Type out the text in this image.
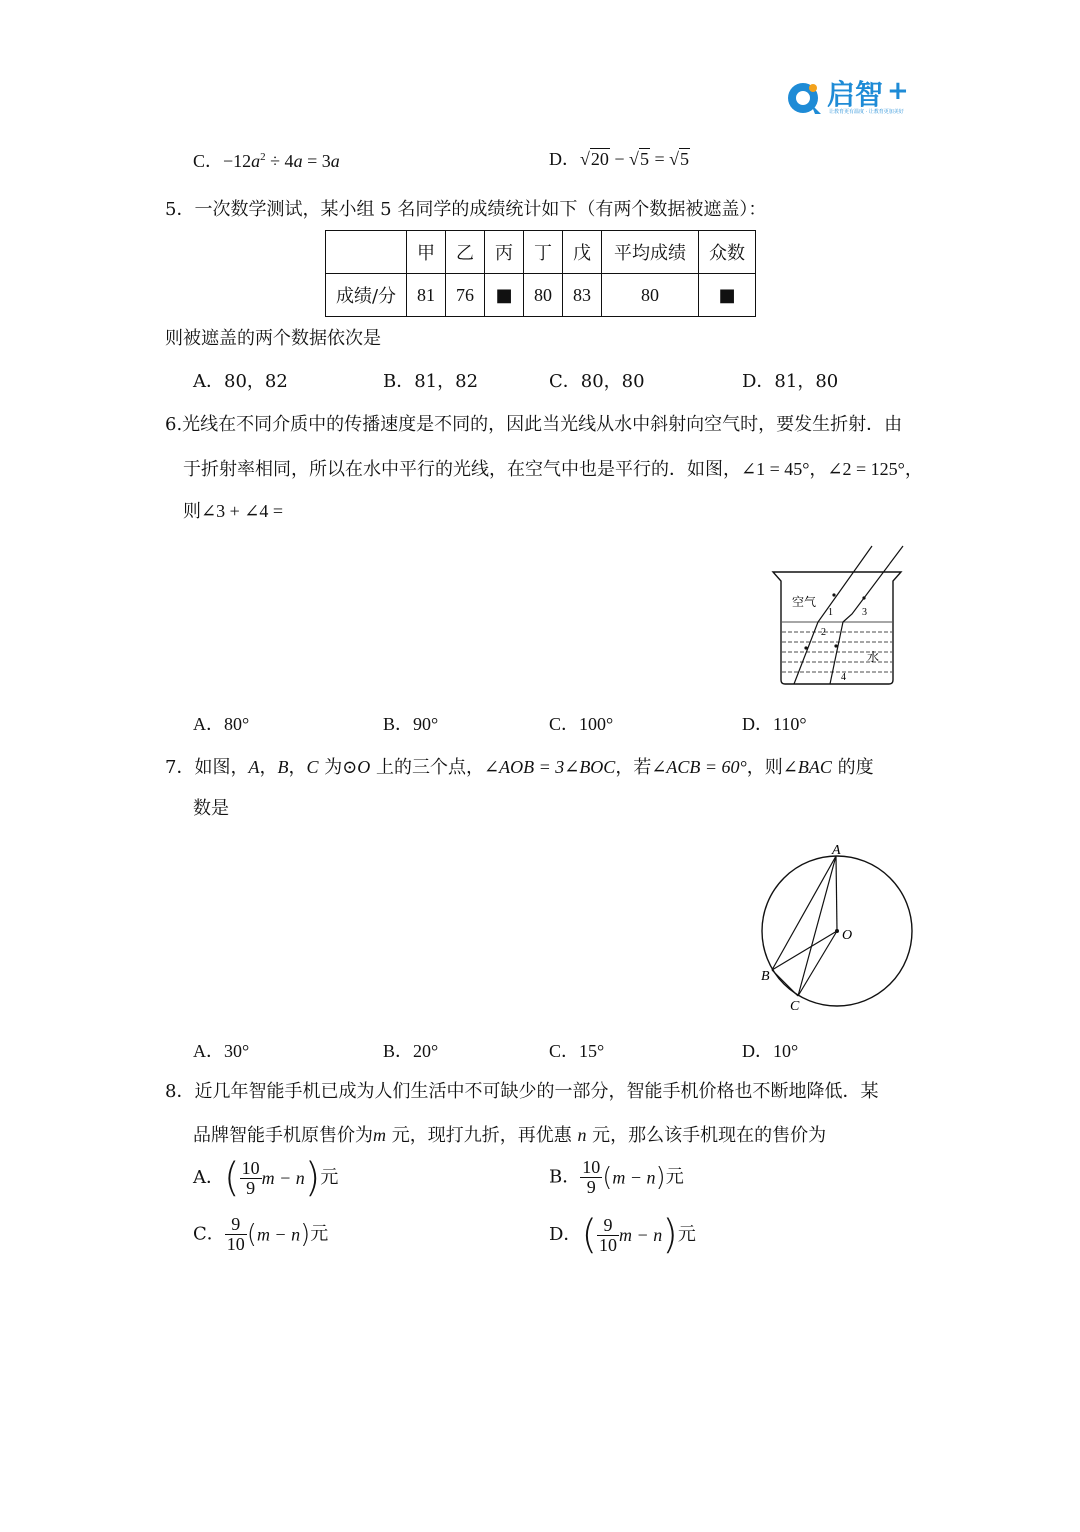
启智 +
让教育更有温度 · 让教育更加美好
C．$-12a^2 \div 4a = 3a$	D．√20 − √5 = √5
5．一次数学测试，某小组 5 名同学的成绩统计如下（有两个数据被遮盖）：
	甲	乙	丙	丁	戊	平均成绩	众数
成绩/分	81	76	■	80	83	80	■
则被遮盖的两个数据依次是
A．80，82	B．81，82	C．80，80	D．81，80
6.光线在不同介质中的传播速度是不同的，因此当光线从水中斜射向空气时，要发生折射．由
于折射率相同，所以在水中平行的光线，在空气中也是平行的．如图，∠1 = 45°，∠2 = 125°，
则∠3 + ∠4 =
空气
水
1
2
3
4
A．80°	B．90°	C．100°	D．110°
7．如图，A，B，C 为⊙O 上的三个点，∠AOB = 3∠BOC，若∠ACB = 60°，则∠BAC 的度
数是
A
O
B
C
A．30°	B．20°	C．15°	D．10°
8．近几年智能手机已成为人们生活中不可缺少的一部分，智能手机价格也不断地降低．某
品牌智能手机原售价为m 元，现打九折，再优惠 n 元，那么该手机现在的售价为
A．( $\frac{10}{9}$ m − n)元	B． $\frac{10}{9} (m - n)$元
C． $\frac{9}{10} (m - n)$元	D．( $\frac{9}{10}$ m − n)元
